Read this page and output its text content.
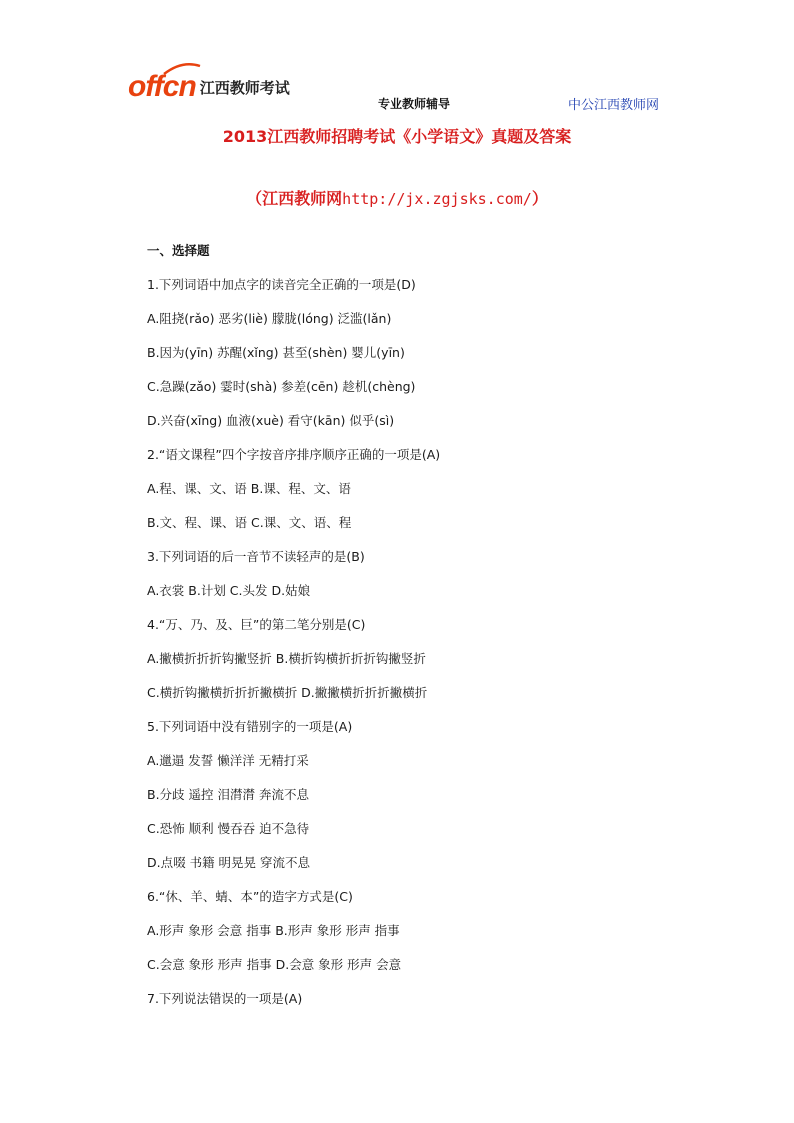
offcn 江西教师考试
专业教师辅导	中公江西教师网
2013江西教师招聘考试《小学语文》真题及答案
（江西教师网http://jx.zgjsks.com/）
一、选择题
1.下列词语中加点字的读音完全正确的一项是(D)
A.阻挠(rǎo) 恶劣(liè) 朦胧(lóng) 泛滥(lǎn)
B.因为(yīn) 苏醒(xǐng) 甚至(shèn) 婴儿(yīn)
C.急躁(zǎo) 霎时(shà) 参差(cēn) 趁机(chèng)
D.兴奋(xīng) 血液(xuè) 看守(kān) 似乎(sì)
2.“语文课程”四个字按音序排序顺序正确的一项是(A)
A.程、课、文、语 B.课、程、文、语
B.文、程、课、语 C.课、文、语、程
3.下列词语的后一音节不读轻声的是(B)
A.衣裳 B.计划 C.头发 D.姑娘
4.“万、乃、及、巨”的第二笔分别是(C)
A.撇横折折折钩撇竖折 B.横折钩横折折折钩撇竖折
C.横折钩撇横折折折撇横折 D.撇撇横折折折撇横折
5.下列词语中没有错别字的一项是(A)
A.邋遢 发誓 懒洋洋 无精打采
B.分歧 遥控 泪潸潸 奔流不息
C.恐怖 顺利 慢吞吞 迫不急待
D.点啜 书籍 明晃晃 穿流不息
6.“休、羊、蜻、本”的造字方式是(C)
A.形声 象形 会意 指事 B.形声 象形 形声 指事
C.会意 象形 形声 指事 D.会意 象形 形声 会意
7.下列说法错误的一项是(A)
